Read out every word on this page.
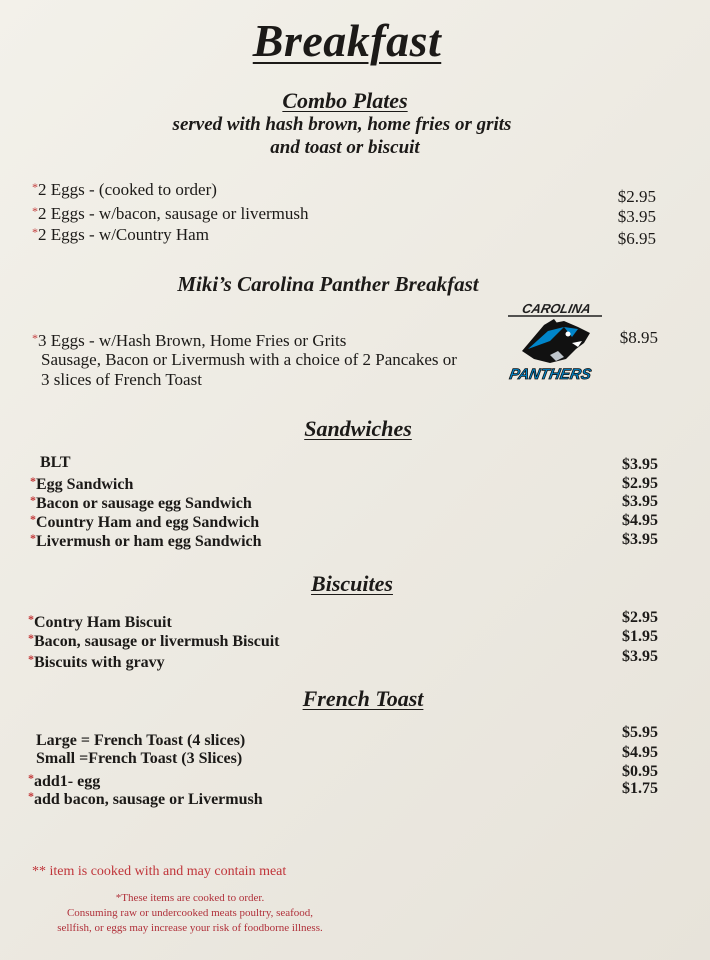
Breakfast
Combo Plates
served with hash brown, home fries or grits
and toast or biscuit
*2 Eggs - (cooked to order)
*2 Eggs - w/bacon, sausage or livermush
*2 Eggs - w/Country Ham
$2.95
$3.95
$6.95
Miki’s Carolina Panther Breakfast
*3 Eggs - w/Hash Brown, Home Fries or Grits
Sausage, Bacon or Livermush with a choice of 2 Pancakes or
3 slices of French Toast
$8.95
CAROLINA
PANTHERS
Sandwiches
BLT
*Egg Sandwich
*Bacon or sausage egg Sandwich
*Country Ham and egg Sandwich
*Livermush or ham egg Sandwich
$3.95
$2.95
$3.95
$4.95
$3.95
Biscuites
*Contry Ham Biscuit
*Bacon, sausage or livermush Biscuit
*Biscuits with gravy
$2.95
$1.95
$3.95
French Toast
Large = French Toast (4 slices)
Small =French Toast (3 Slices)
*add1- egg
*add bacon, sausage or Livermush
$5.95
$4.95
$0.95
$1.75
** item is cooked with and may contain meat
*These items are cooked to order.
Consuming raw or undercooked meats poultry, seafood,
sellfish, or eggs may increase your risk of foodborne illness.
